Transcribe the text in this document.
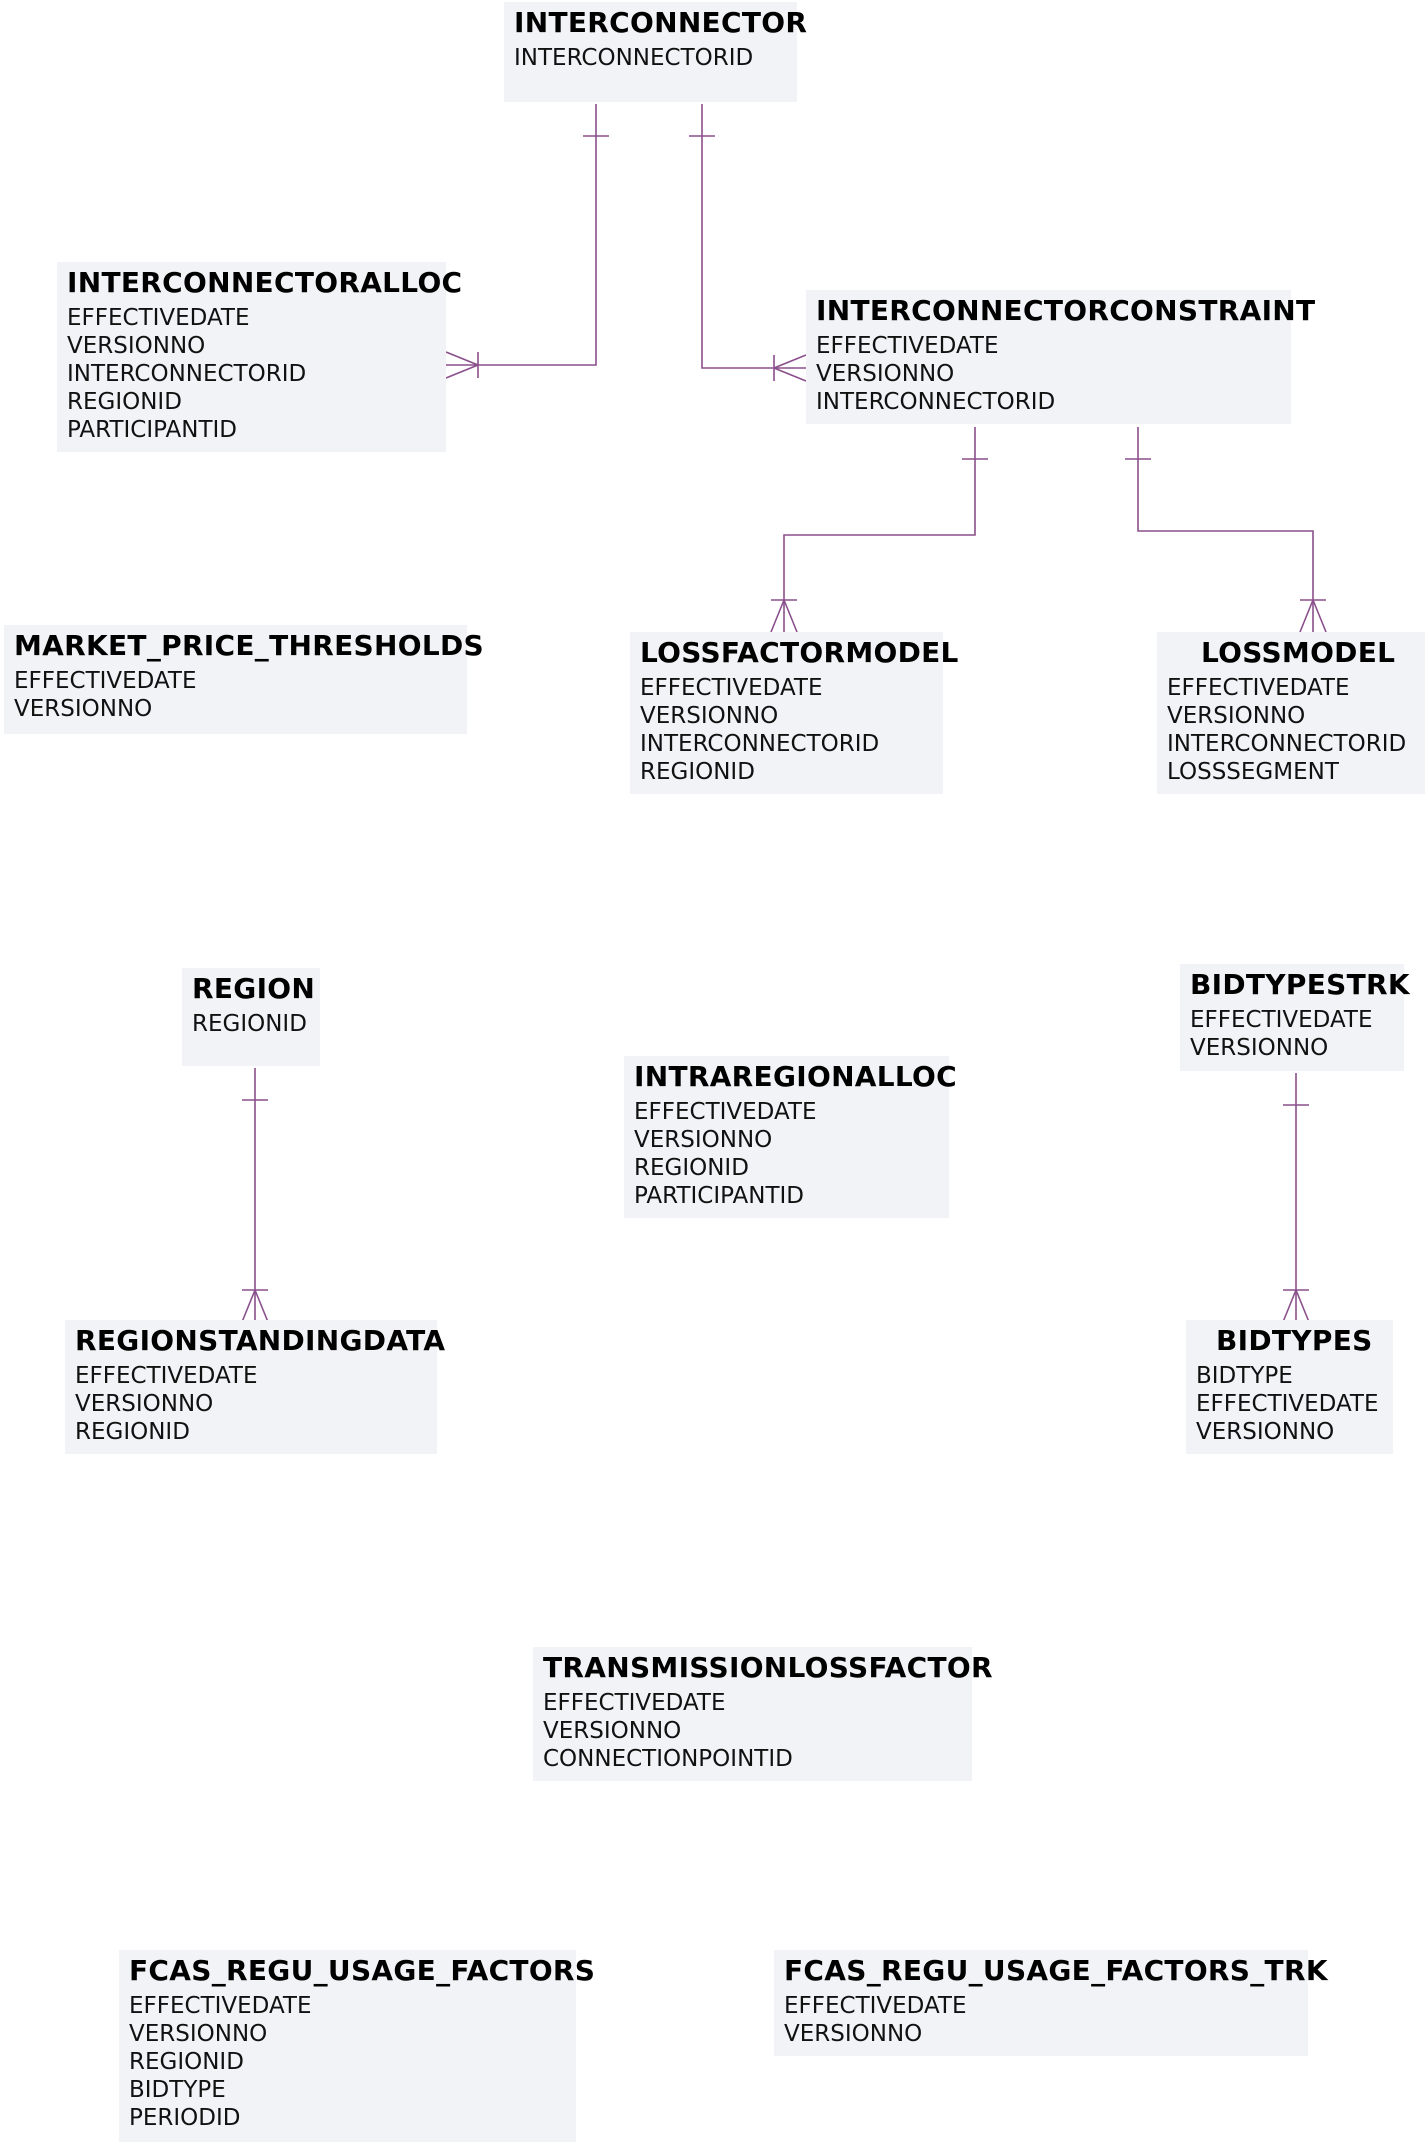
INTERCONNECTOR
INTERCONNECTORID
INTERCONNECTORALLOC
EFFECTIVEDATE
VERSIONNO
INTERCONNECTORID
REGIONID
PARTICIPANTID
INTERCONNECTORCONSTRAINT
EFFECTIVEDATE
VERSIONNO
INTERCONNECTORID
MARKET_PRICE_THRESHOLDS
EFFECTIVEDATE
VERSIONNO
LOSSFACTORMODEL
EFFECTIVEDATE
VERSIONNO
INTERCONNECTORID
REGIONID
LOSSMODEL
EFFECTIVEDATE
VERSIONNO
INTERCONNECTORID
LOSSSEGMENT
REGION
REGIONID
INTRAREGIONALLOC
EFFECTIVEDATE
VERSIONNO
REGIONID
PARTICIPANTID
BIDTYPESTRK
EFFECTIVEDATE
VERSIONNO
REGIONSTANDINGDATA
EFFECTIVEDATE
VERSIONNO
REGIONID
BIDTYPES
BIDTYPE
EFFECTIVEDATE
VERSIONNO
TRANSMISSIONLOSSFACTOR
EFFECTIVEDATE
VERSIONNO
CONNECTIONPOINTID
FCAS_REGU_USAGE_FACTORS
EFFECTIVEDATE
VERSIONNO
REGIONID
BIDTYPE
PERIODID
FCAS_REGU_USAGE_FACTORS_TRK
EFFECTIVEDATE
VERSIONNO
